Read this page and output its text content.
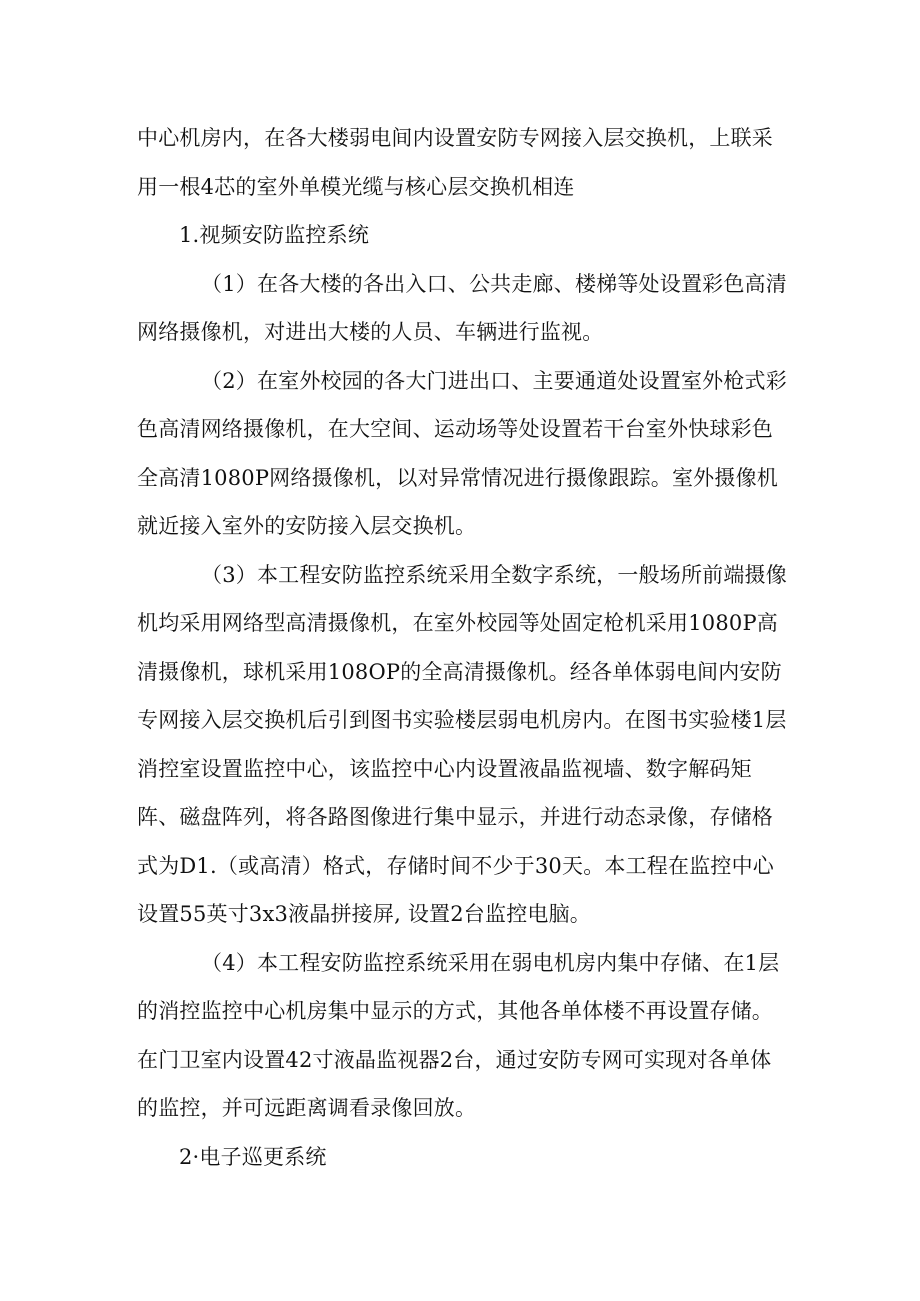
中心机房内，在各大楼弱电间内设置安防专网接入层交换机，上联采用一根4芯的室外单模光缆与核心层交换机相连

1.视频安防监控系统

（1）在各大楼的各出入口、公共走廊、楼梯等处设置彩色高清网络摄像机，对进出大楼的人员、车辆进行监视。

（2）在室外校园的各大门进出口、主要通道处设置室外枪式彩色高清网络摄像机，在大空间、运动场等处设置若干台室外快球彩色全高清1080P网络摄像机，以对异常情况进行摄像跟踪。室外摄像机就近接入室外的安防接入层交换机。

（3）本工程安防监控系统采用全数字系统，一般场所前端摄像机均采用网络型高清摄像机，在室外校园等处固定枪机采用1080P高清摄像机，球机采用108OP的全高清摄像机。经各单体弱电间内安防专网接入层交换机后引到图书实验楼层弱电机房内。在图书实验楼1层消控室设置监控中心，该监控中心内设置液晶监视墙、数字解码矩阵、磁盘阵列，将各路图像进行集中显示，并进行动态录像，存储格式为D1.（或高清）格式，存储时间不少于30天。本工程在监控中心设置55英寸3x3液晶拼接屏, 设置2台监控电脑。

（4）本工程安防监控系统采用在弱电机房内集中存储、在1层的消控监控中心机房集中显示的方式，其他各单体楼不再设置存储。在门卫室内设置42寸液晶监视器2台，通过安防专网可实现对各单体的监控，并可远距离调看录像回放。

2·电子巡更系统
